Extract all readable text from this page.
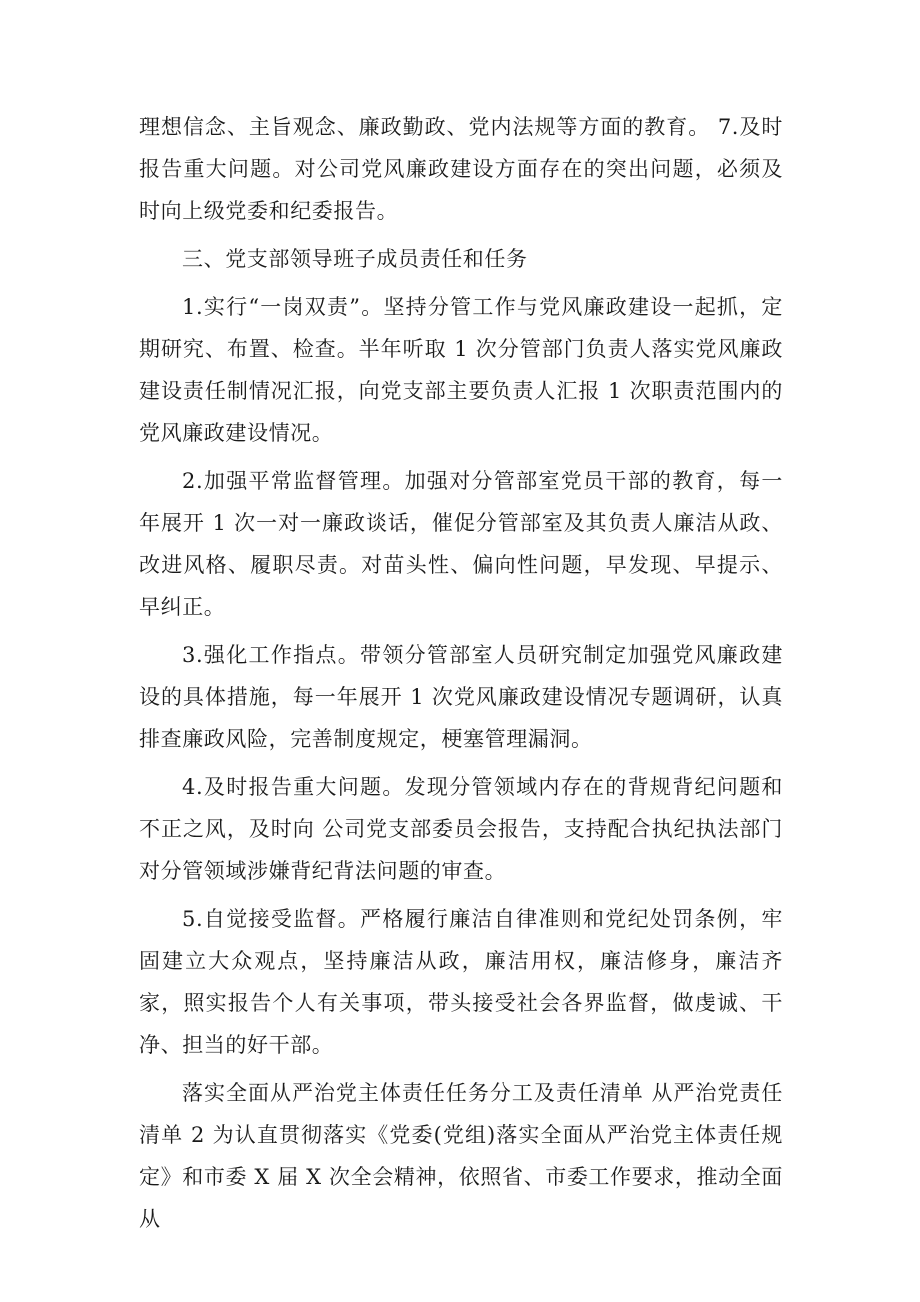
理想信念、主旨观念、廉政勤政、党内法规等方面的教育。 7.及时报告重大问题。对公司党风廉政建设方面存在的突出问题，必须及时向上级党委和纪委报告。

三、党支部领导班子成员责任和任务

1.实行“一岗双责”。坚持分管工作与党风廉政建设一起抓，定期研究、布置、检查。半年听取 1 次分管部门负责人落实党风廉政建设责任制情况汇报，向党支部主要负责人汇报 1 次职责范围内的党风廉政建设情况。

2.加强平常监督管理。加强对分管部室党员干部的教育，每一年展开 1 次一对一廉政谈话，催促分管部室及其负责人廉洁从政、改进风格、履职尽责。对苗头性、偏向性问题，早发现、早提示、早纠正。

3.强化工作指点。带领分管部室人员研究制定加强党风廉政建设的具体措施，每一年展开 1 次党风廉政建设情况专题调研，认真排查廉政风险，完善制度规定，梗塞管理漏洞。

4.及时报告重大问题。发现分管领域内存在的背规背纪问题和不正之风，及时向 公司党支部委员会报告，支持配合执纪执法部门对分管领域涉嫌背纪背法问题的审查。

5.自觉接受监督。严格履行廉洁自律准则和党纪处罚条例，牢固建立大众观点，坚持廉洁从政，廉洁用权，廉洁修身，廉洁齐家，照实报告个人有关事项，带头接受社会各界监督，做虔诚、干净、担当的好干部。

落实全面从严治党主体责任任务分工及责任清单 从严治党责任清单 2 为认直贯彻落实《党委(党组)落实全面从严治党主体责任规定》和市委 X 届 X 次全会精神，依照省、市委工作要求，推动全面从
